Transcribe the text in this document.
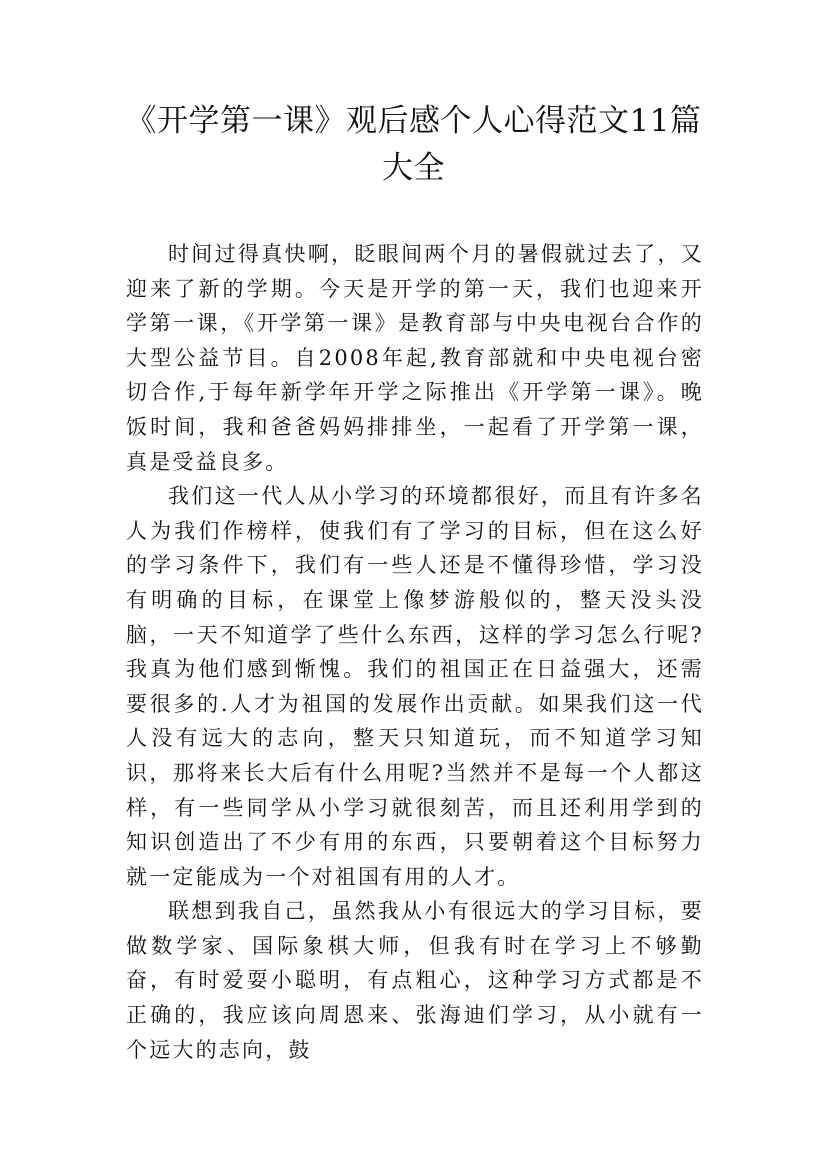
《开学第一课》观后感个人心得范文11篇大全

时间过得真快啊，眨眼间两个月的暑假就过去了，又迎来了新的学期。今天是开学的第一天，我们也迎来开学第一课，《开学第一课》是教育部与中央电视台合作的大型公益节目。自2008年起,教育部就和中央电视台密切合作,于每年新学年开学之际推出《开学第一课》。晚饭时间，我和爸爸妈妈排排坐，一起看了开学第一课，真是受益良多。

我们这一代人从小学习的环境都很好，而且有许多名人为我们作榜样，使我们有了学习的目标，但在这么好的学习条件下，我们有一些人还是不懂得珍惜，学习没有明确的目标，在课堂上像梦游般似的，整天没头没脑，一天不知道学了些什么东西，这样的学习怎么行呢?我真为他们感到惭愧。我们的祖国正在日益强大，还需要很多的.人才为祖国的发展作出贡献。如果我们这一代人没有远大的志向，整天只知道玩，而不知道学习知识，那将来长大后有什么用呢?当然并不是每一个人都这样，有一些同学从小学习就很刻苦，而且还利用学到的知识创造出了不少有用的东西，只要朝着这个目标努力就一定能成为一个对祖国有用的人才。

联想到我自己，虽然我从小有很远大的学习目标，要做数学家、国际象棋大师，但我有时在学习上不够勤奋，有时爱耍小聪明，有点粗心，这种学习方式都是不正确的，我应该向周恩来、张海迪们学习，从小就有一个远大的志向，鼓
